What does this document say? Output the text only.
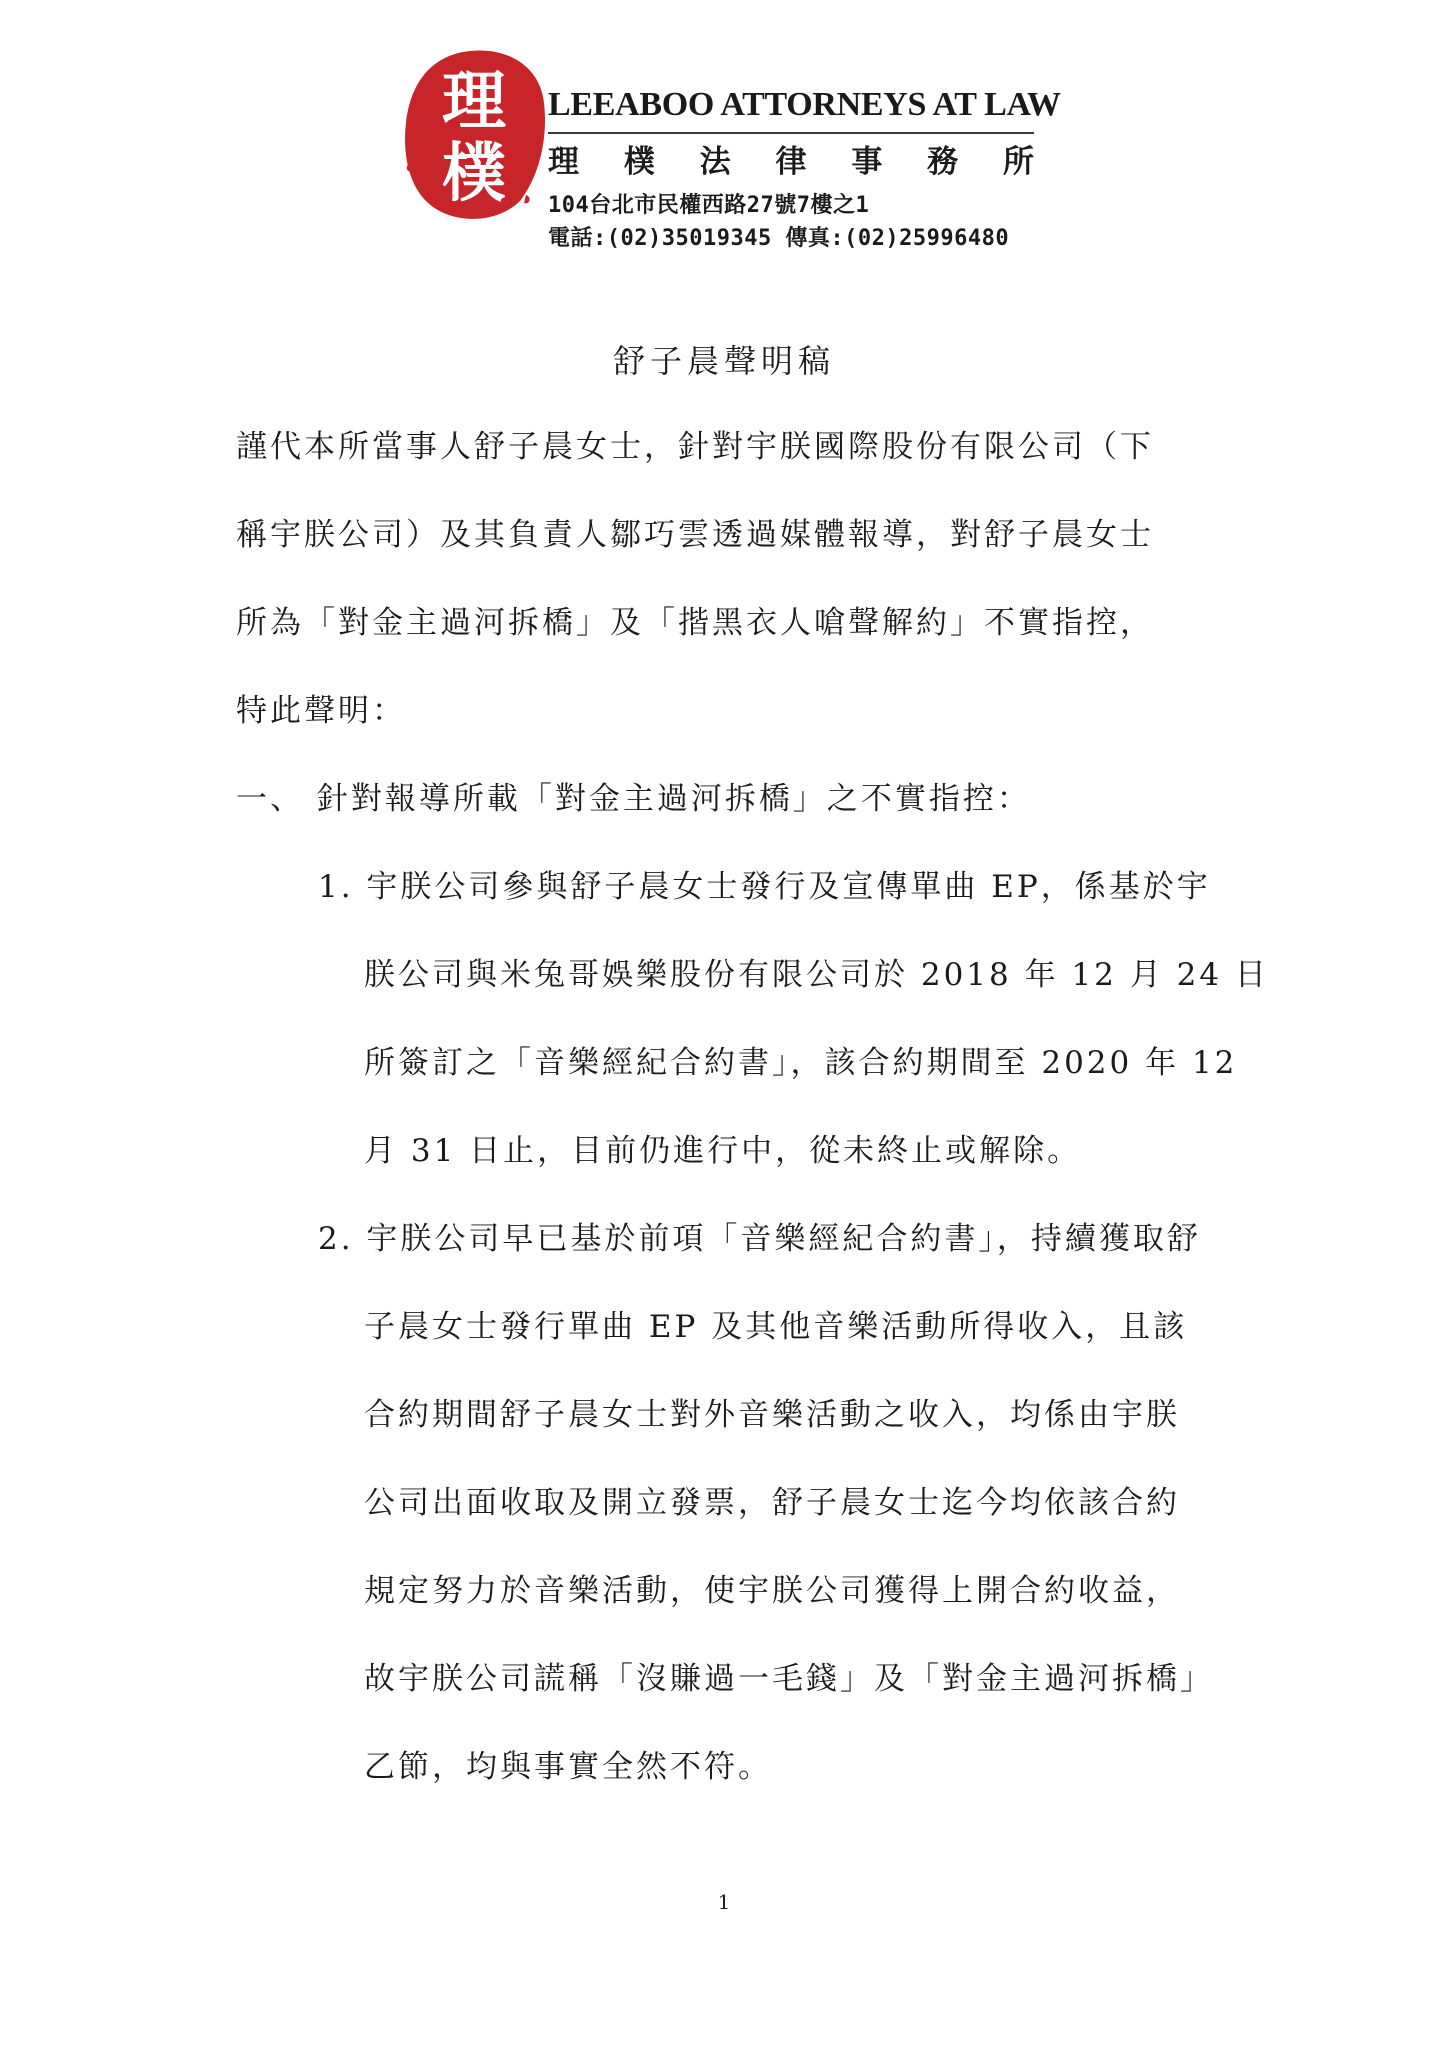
理
樸
LEEABOO ATTORNEYS AT LAW
理 樸 法 律 事 務 所
104台北市民權西路27號7樓之1
電話:(02)35019345 傳真:(02)25996480
舒子晨聲明稿
謹代本所當事人舒子晨女士，針對宇朕國際股份有限公司（下
稱宇朕公司）及其負責人鄒巧雲透過媒體報導，對舒子晨女士
所為「對金主過河拆橋」及「揩黑衣人嗆聲解約」不實指控，
特此聲明：
一、 針對報導所載「對金主過河拆橋」之不實指控：
1. 宇朕公司參與舒子晨女士發行及宣傳單曲 EP，係基於宇
朕公司與米兔哥娛樂股份有限公司於 2018 年 12 月 24 日
所簽訂之「音樂經紀合約書」，該合約期間至 2020 年 12
月 31 日止，目前仍進行中，從未終止或解除。
2. 宇朕公司早已基於前項「音樂經紀合約書」，持續獲取舒
子晨女士發行單曲 EP 及其他音樂活動所得收入，且該
合約期間舒子晨女士對外音樂活動之收入，均係由宇朕
公司出面收取及開立發票，舒子晨女士迄今均依該合約
規定努力於音樂活動，使宇朕公司獲得上開合約收益，
故宇朕公司謊稱「沒賺過一毛錢」及「對金主過河拆橋」
乙節，均與事實全然不符。
1
